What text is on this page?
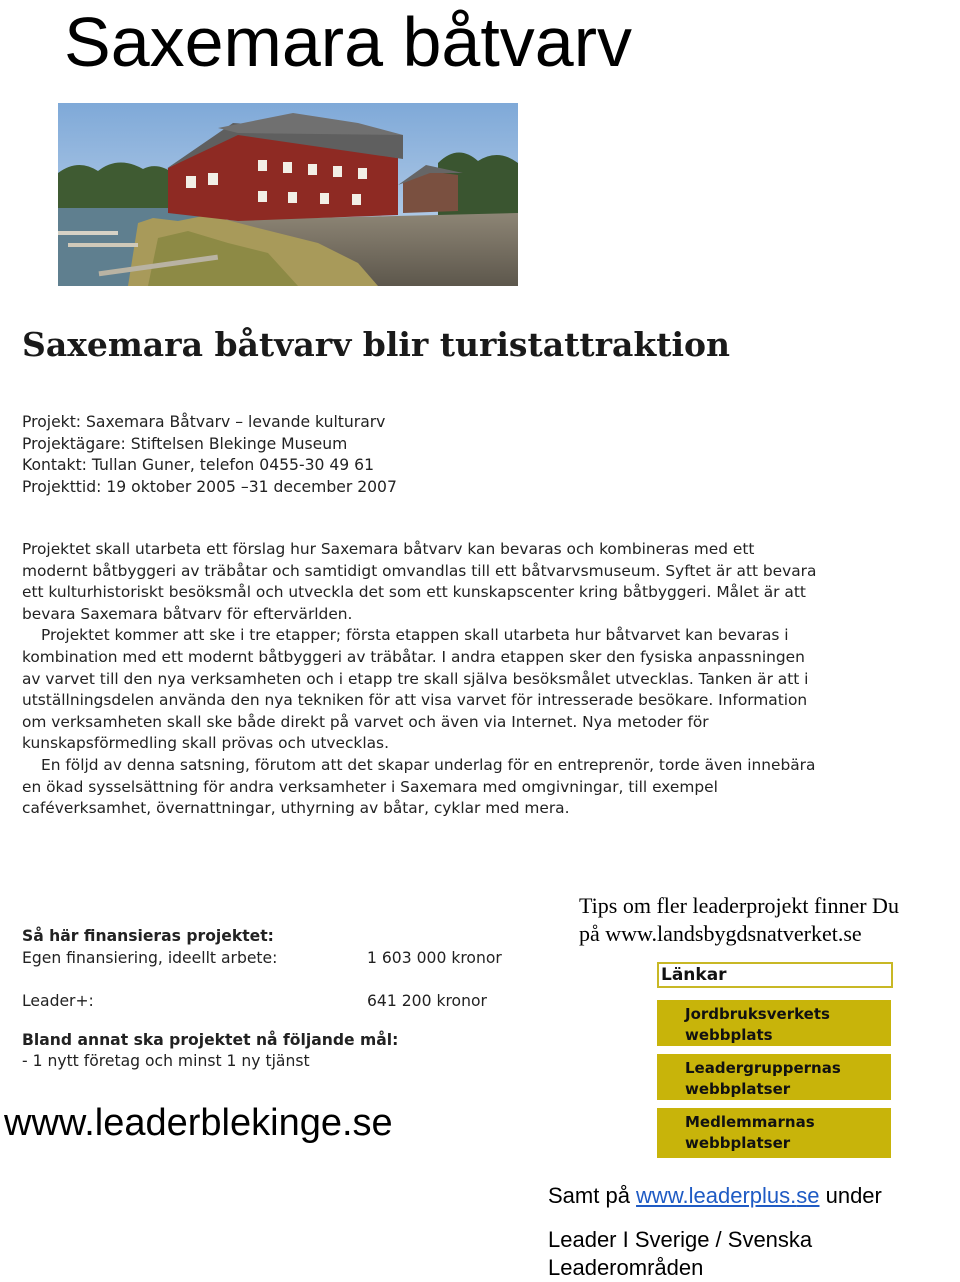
Saxemara båtvarv
Saxemara båtvarv blir turistattraktion
Projekt: Saxemara Båtvarv – levande kulturarv
Projektägare: Stiftelsen Blekinge Museum
Kontakt: Tullan Guner, telefon 0455-30 49 61
Projekttid: 19 oktober 2005 –31 december 2007

Projektet skall utarbeta ett förslag hur Saxemara båtvarv kan bevaras och kombineras med ett modernt båtbyggeri av träbåtar och samtidigt omvandlas till ett båtvarvsmuseum. Syftet är att bevara ett kulturhistoriskt besöksmål och utveckla det som ett kunskapscenter kring båtbyggeri. Målet är att bevara Saxemara båtvarv för eftervärlden.

Projektet kommer att ske i tre etapper; första etappen skall utarbeta hur båtvarvet kan bevaras i kombination med ett modernt båtbyggeri av träbåtar. I andra etappen sker den fysiska anpassningen av varvet till den nya verksamheten och i etapp tre skall själva besöksmålet utvecklas. Tanken är att i utställningsdelen använda den nya tekniken för att visa varvet för intresserade besökare. Information om verksamheten skall ske både direkt på varvet och även via Internet. Nya metoder för kunskapsförmedling skall prövas och utvecklas.

En följd av denna satsning, förutom att det skapar underlag för en entreprenör, torde även innebära en ökad sysselsättning för andra verksamheter i Saxemara med omgivningar, till exempel caféverksamhet, övernattningar, uthyrning av båtar, cyklar med mera.

Så här finansieras projektet:
Egen finansiering, ideellt arbete:	1 603 000 kronor
Leader+:	641 200 kronor
Bland annat ska projektet nå följande mål:
- 1 nytt företag och minst 1 ny tjänst
www.leaderblekinge.se
Tips om fler leaderprojekt finner Du
på www.landsbygdsnatverket.se
Länkar
Jordbruksverkets
webbplats
Leadergruppernas
webbplatser
Medlemmarnas
webbplatser
Samt på www.leaderplus.se under
Leader I Sverige / Svenska Leaderområden
